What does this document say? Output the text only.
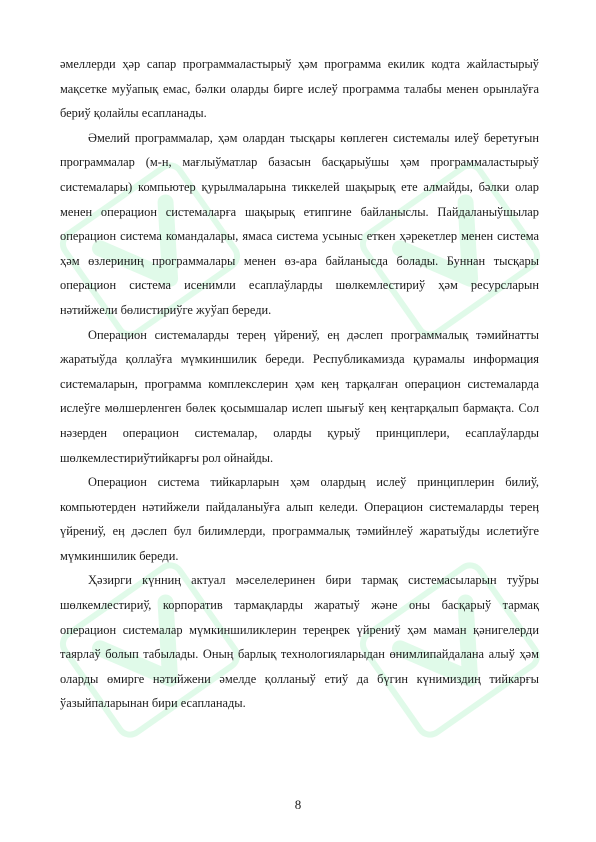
әмеллерди ҳәр сапар программаластырыў ҳәм программа екилик кодта жайластырыў мақсетке муўапық емас, бәлки оларды бирге ислеў программа талабы менен орынлаўға бериў қолайлы есапланады.

Әмелий программалар, ҳәм олардан тысқары көплеген системалы илеў беретуғын программалар (м-н, мағлыўматлар базасын басқарыўшы ҳәм программаластырыў системалары) компьютер қурылмаларына тиккелей шақырық ете алмайды, бәлки олар менен операцион системаларға шақырық етипгине байланыслы. Пайдаланыўшылар операцион система командалары, ямаса система усыныс еткен ҳәрекетлер менен система ҳәм өзлериниң программалары менен өз-ара байланысда болады. Буннан тысқары операцион система исенимли есаплаўларды шөлкемлестириў ҳәм ресурсларын нәтийжели бөлистириўге жуўап береди.

Операцион системаларды тереӊ үйрениў, еӊ дәслеп программалық тәмийнатты жаратыўда қоллаўға мүмкиншилик береди. Республикамизда қурамалы информация системаларын, программа комплекслерин ҳәм кеӊ тарқалған операцион системаларда ислеўге мөлшерленген бөлек қосымшалар ислеп шығыў кеӊ кеӊтарқалып бармақта. Сол нәзерден операцион системалар, оларды қурыў принциплери, есаплаўларды шөлкемлестириўтийкарғы рол ойнайды.

Операцион система тийкарларын ҳәм олардың ислеў принциплерин билиў, компьютерден нәтийжели пайдаланыўға алып келеди. Операцион системаларды тереӊ үйрениў, еӊ дәслеп бул билимлерди, программалық тәмийнлеў жаратыўды ислетиўге мүмкиншилик береди.

Ҳәзирги күнниң актуал мәселелеринен бири тармақ системасыларын туўры шөлкемлестириў, корпоратив тармақларды жаратыў жәнe оны басқарыў тармақ операцион системалар мүмкиншиликлерин тереңрек үйрениў ҳәм маман қәнигелерди таярлаў болып табылады. Оның барлық технологияларыдан өнимлипайдалана алыў ҳәм оларды өмирге нәтийжени әмелде қолланыў етиў да бүгин күнимиздиң тийкарғы ўазыйпаларынан бири есапланады.

8
